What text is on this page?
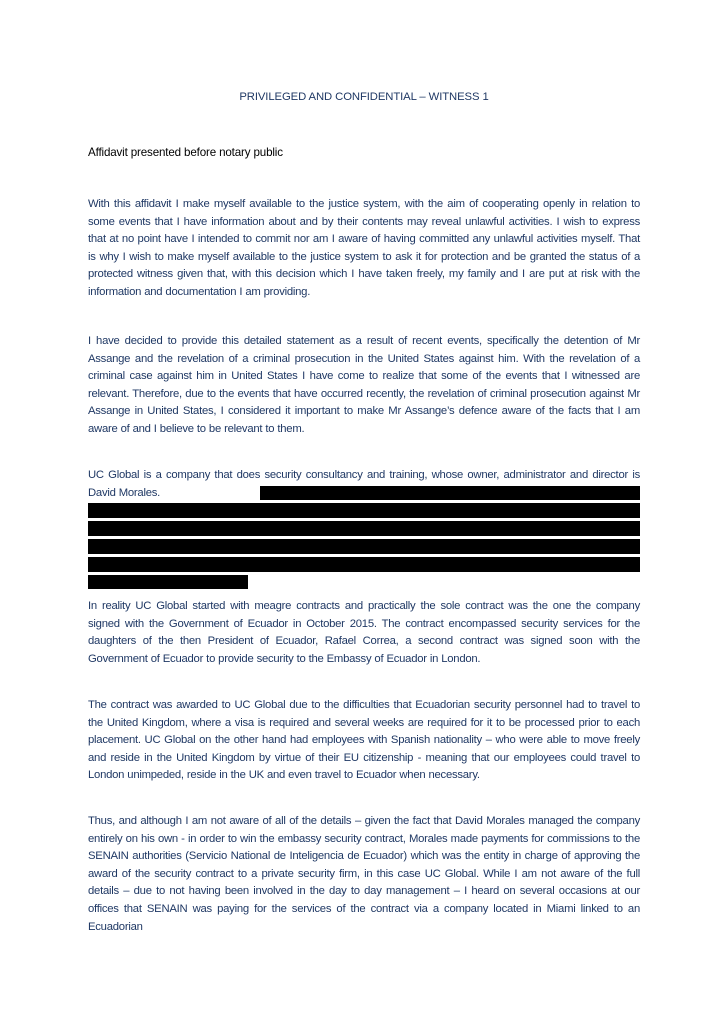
PRIVILEGED AND CONFIDENTIAL – WITNESS 1
Affidavit presented before notary public

With this affidavit I make myself available to the justice system, with the aim of cooperating openly in relation to some events that I have information about and by their contents may reveal unlawful activities. I wish to express that at no point have I intended to commit nor am I aware of having committed any unlawful activities myself. That is why I wish to make myself available to the justice system to ask it for protection and be granted the status of a protected witness given that, with this decision which I have taken freely, my family and I are put at risk with the information and documentation I am providing.

I have decided to provide this detailed statement as a result of recent events, specifically the detention of Mr Assange and the revelation of a criminal prosecution in the United States against him. With the revelation of a criminal case against him in United States I have come to realize that some of the events that I witnessed are relevant. Therefore, due to the events that have occurred recently, the revelation of criminal prosecution against Mr Assange in United States, I considered it important to make Mr Assange’s defence aware of the facts that I am aware of and I believe to be relevant to them.

UC Global is a company that does security consultancy and training, whose owner, administrator and director is David Morales.

In reality UC Global started with meagre contracts and practically the sole contract was the one the company signed with the Government of Ecuador in October 2015. The contract encompassed security services for the daughters of the then President of Ecuador, Rafael Correa, a second contract was signed soon with the Government of Ecuador to provide security to the Embassy of Ecuador in London.

The contract was awarded to UC Global due to the difficulties that Ecuadorian security personnel had to travel to the United Kingdom, where a visa is required and several weeks are required for it to be processed prior to each placement. UC Global on the other hand had employees with Spanish nationality – who were able to move freely and reside in the United Kingdom by virtue of their EU citizenship - meaning that our employees could travel to London unimpeded, reside in the UK and even travel to Ecuador when necessary.

Thus, and although I am not aware of all of the details – given the fact that David Morales managed the company entirely on his own - in order to win the embassy security contract, Morales made payments for commissions to the SENAIN authorities (Servicio National de Inteligencia de Ecuador) which was the entity in charge of approving the award of the security contract to a private security firm, in this case UC Global. While I am not aware of the full details – due to not having been involved in the day to day management – I heard on several occasions at our offices that SENAIN was paying for the services of the contract via a company located in Miami linked to an Ecuadorian
